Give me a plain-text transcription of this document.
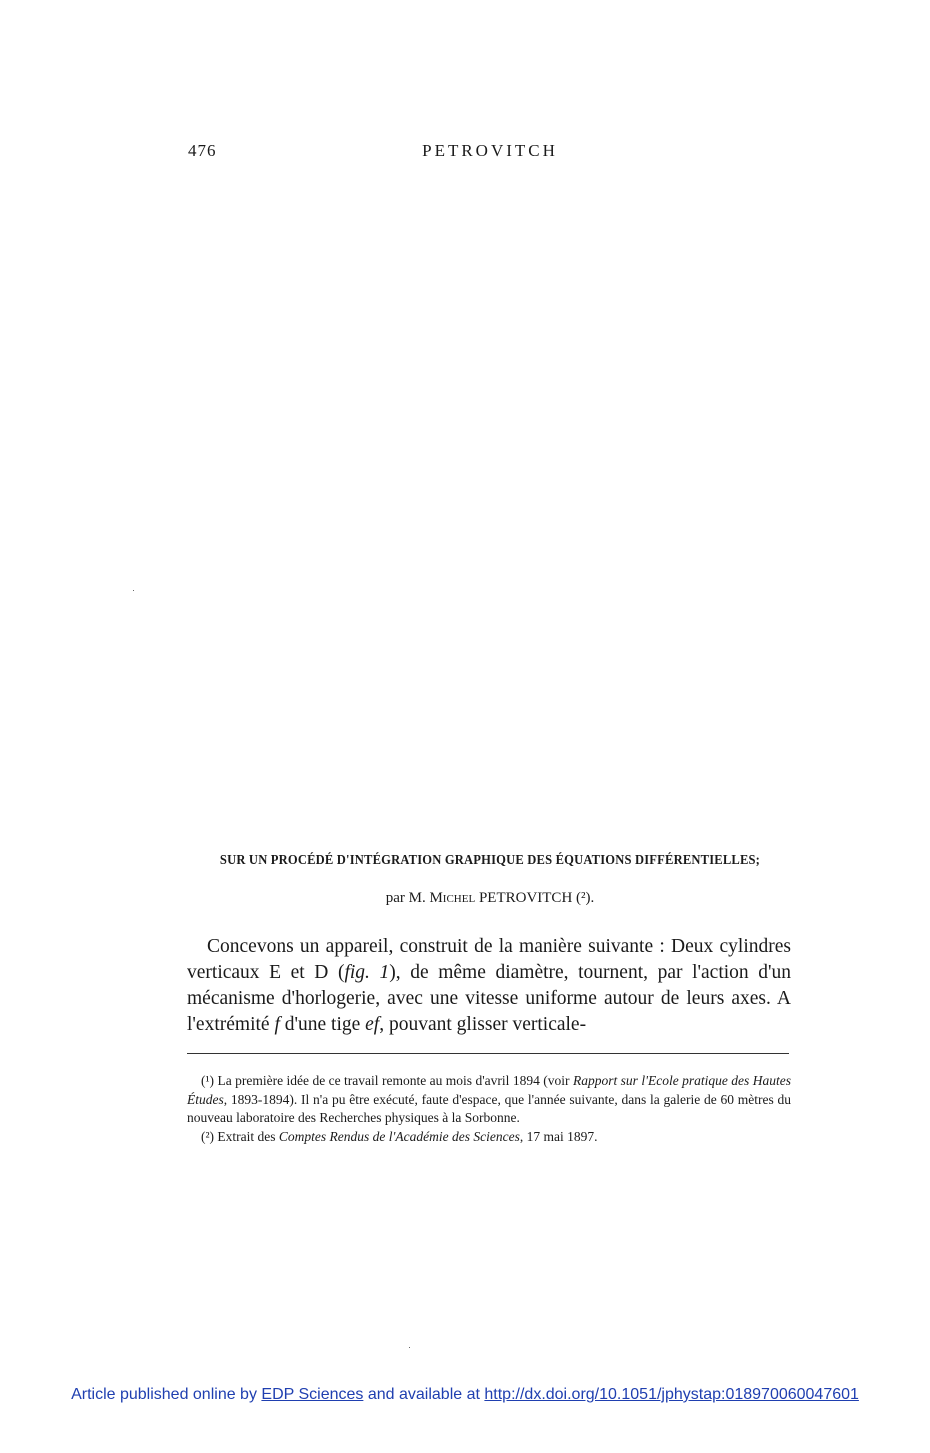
476	PETROVITCH
SUR UN PROCÉDÉ D'INTÉGRATION GRAPHIQUE DES ÉQUATIONS DIFFÉRENTIELLES;
par M. Michel PETROVITCH (²).

Concevons un appareil, construit de la manière suivante : Deux cylindres verticaux E et D (fig. 1), de même diamètre, tournent, par l'action d'un mécanisme d'horlogerie, avec une vitesse uniforme autour de leurs axes. A l'extrémité f d'une tige ef, pouvant glisser verticale-

(¹) La première idée de ce travail remonte au mois d'avril 1894 (voir Rapport sur l'Ecole pratique des Hautes Études, 1893-1894). Il n'a pu être exécuté, faute d'espace, que l'année suivante, dans la galerie de 60 mètres du nouveau laboratoire des Recherches physiques à la Sorbonne.

(²) Extrait des Comptes Rendus de l'Académie des Sciences, 17 mai 1897.

Article published online by EDP Sciences and available at http://dx.doi.org/10.1051/jphystap:018970060047601
